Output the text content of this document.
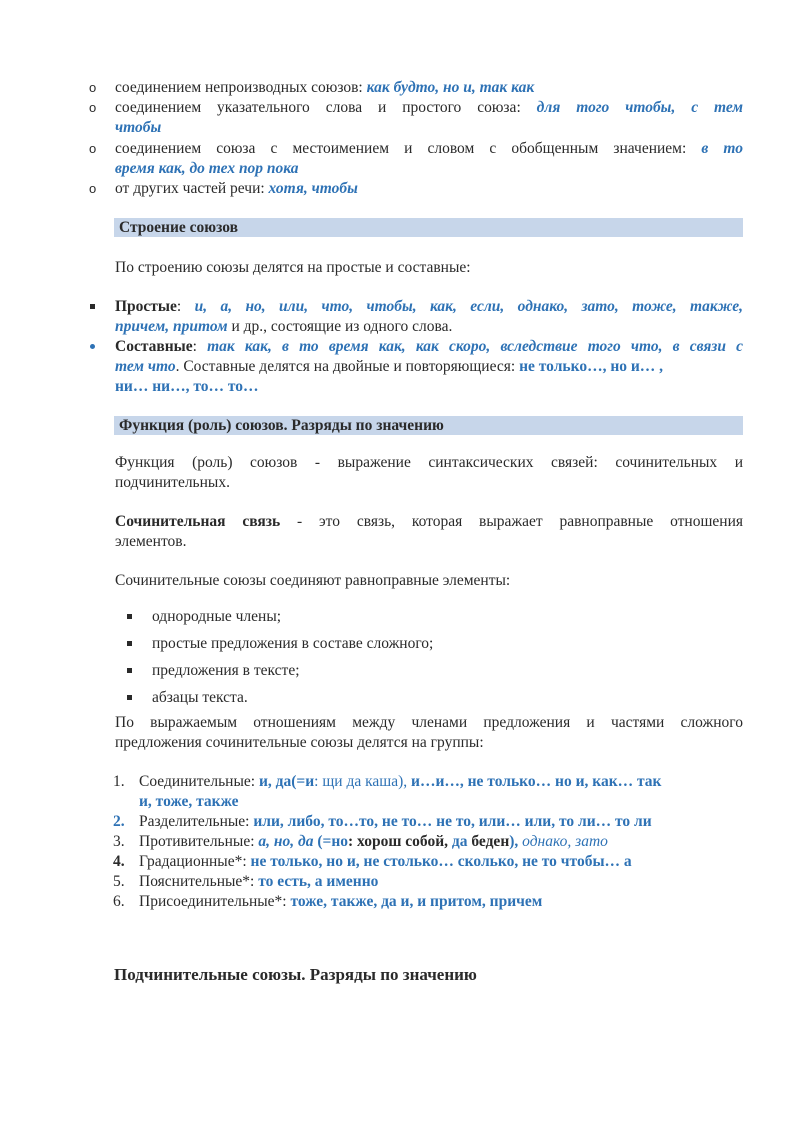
o соединением непроизводных союзов: как будто, но и, так как
o соединением указательного слова и простого союза: для того чтобы, с тем
чтобы
o соединением союза с местоимением и словом с обобщенным значением: в то
время как, до тех пор пока
o от других частей речи: хотя, чтобы
Строение союзов
По строению союзы делятся на простые и составные:
Простые: и, а, но, или, что, чтобы, как, если, однако, зато, тоже, также,
причем, притом и др., состоящие из одного слова.
Составные: так как, в то время как, как скоро, вследствие того что, в связи с
тем что. Составные делятся на двойные и повторяющиеся: не только…, но и… ,
ни… ни…, то… то…
Функция (роль) союзов. Разряды по значению
Функция (роль) союзов - выражение синтаксических связей: сочинительных и
подчинительных.
Сочинительная связь - это связь, которая выражает равноправные отношения
элементов.
Сочинительные союзы соединяют равноправные элементы:
однородные члены;
простые предложения в составе сложного;
предложения в тексте;
абзацы текста.
По выражаемым отношениям между членами предложения и частями сложного
предложения сочинительные союзы делятся на группы:
1. Соединительные: и, да(=и: щи да каша), и…и…, не только… но и, как… так
и, тоже, также
2. Разделительные: или, либо, то…то, не то… не то, или… или, то ли… то ли
3. Противительные: а, но, да (=но: хорош собой, да беден), однако, зато
4. Градационные*: не только, но и, не столько… сколько, не то чтобы… а
5. Пояснительные*: то есть, а именно
6. Присоединительные*: тоже, также, да и, и притом, причем
Подчинительные союзы. Разряды по значению
